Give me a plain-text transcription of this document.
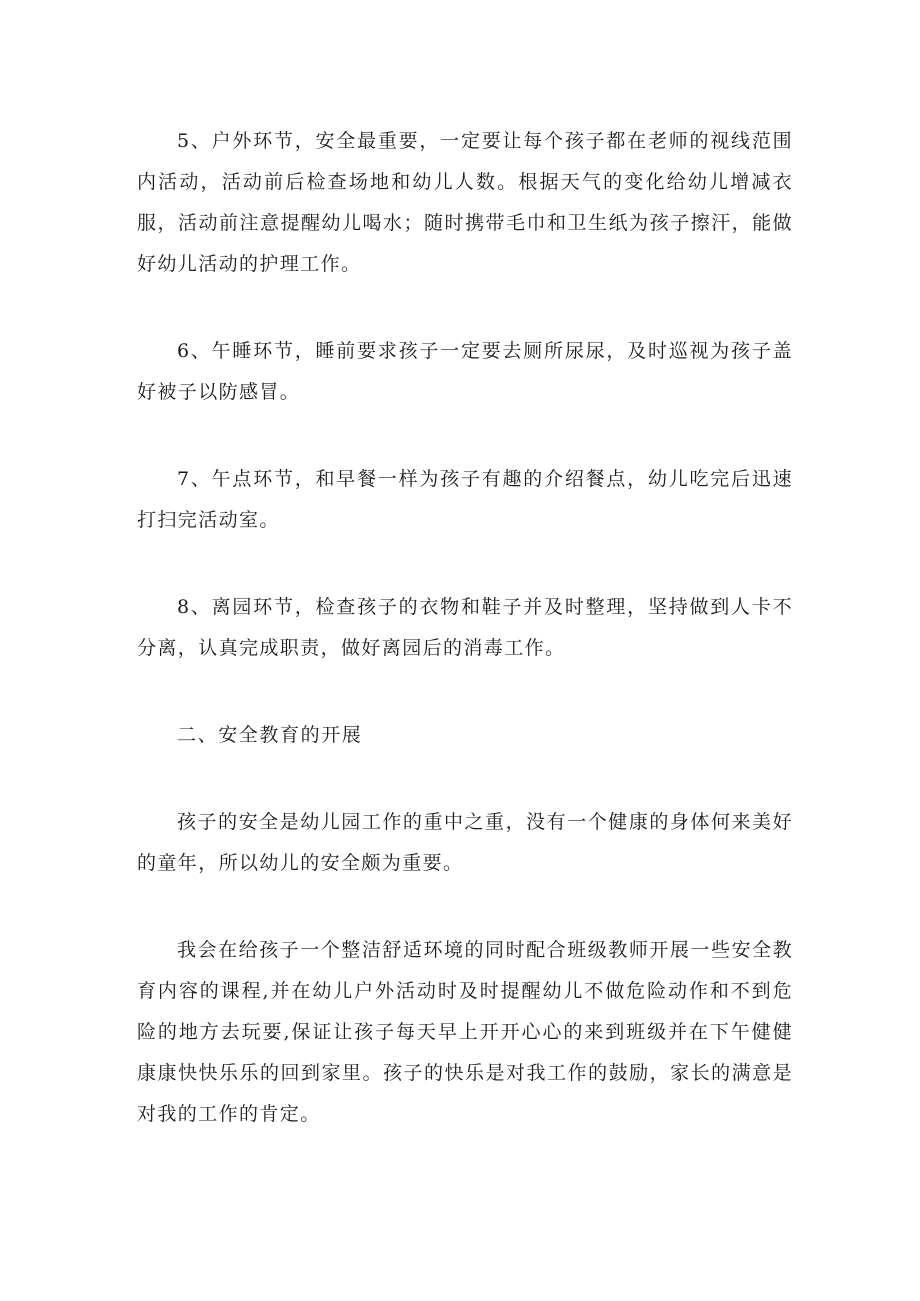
5、户外环节，安全最重要，一定要让每个孩子都在老师的视线范围内活动，活动前后检查场地和幼儿人数。根据天气的变化给幼儿增减衣服，活动前注意提醒幼儿喝水；随时携带毛巾和卫生纸为孩子擦汗，能做好幼儿活动的护理工作。

6、午睡环节，睡前要求孩子一定要去厕所尿尿，及时巡视为孩子盖好被子以防感冒。

7、午点环节，和早餐一样为孩子有趣的介绍餐点，幼儿吃完后迅速打扫完活动室。

8、离园环节，检查孩子的衣物和鞋子并及时整理，坚持做到人卡不分离，认真完成职责，做好离园后的消毒工作。

二、安全教育的开展

孩子的安全是幼儿园工作的重中之重，没有一个健康的身体何来美好的童年，所以幼儿的安全颇为重要。

我会在给孩子一个整洁舒适环境的同时配合班级教师开展一些安全教育内容的课程,并在幼儿户外活动时及时提醒幼儿不做危险动作和不到危险的地方去玩要,保证让孩子每天早上开开心心的来到班级并在下午健健康康快快乐乐的回到家里。孩子的快乐是对我工作的鼓励，家长的满意是对我的工作的肯定。
